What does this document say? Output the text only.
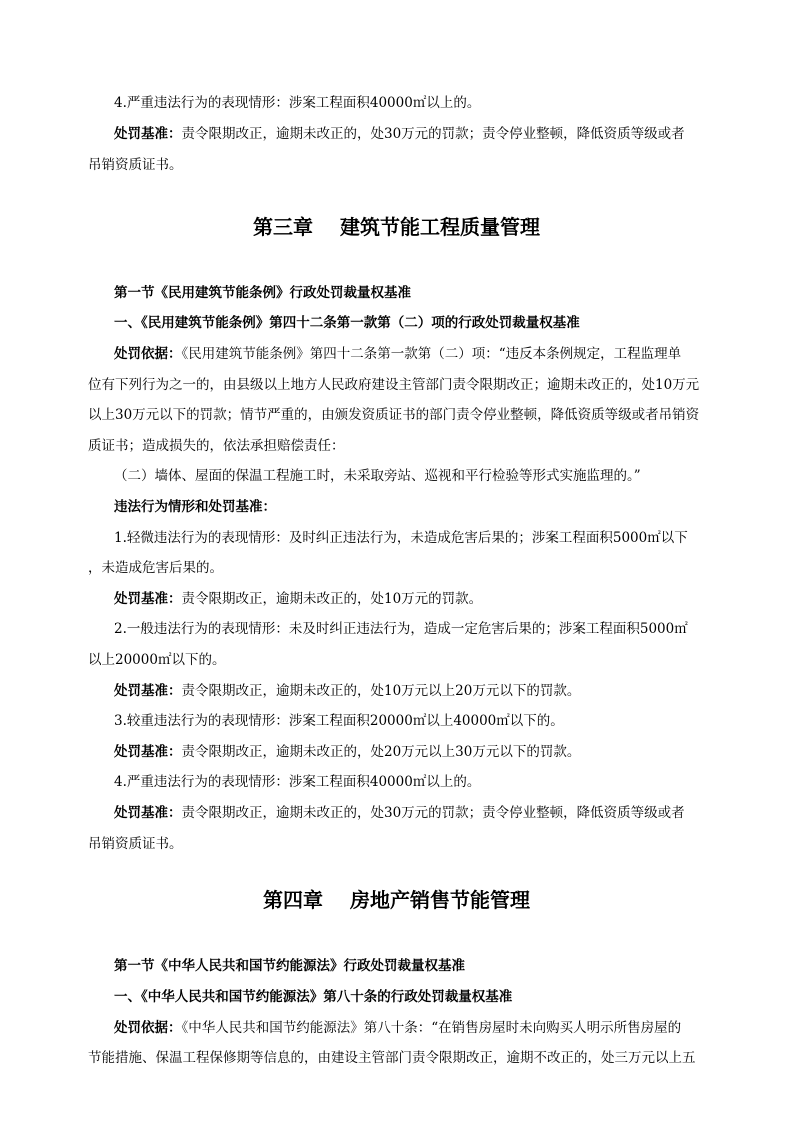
4.严重违法行为的表现情形：涉案工程面积40000㎡以上的。
处罚基准：责令限期改正，逾期未改正的，处30万元的罚款；责令停业整顿，降低资质等级或者
吊销资质证书。
第三章　 建筑节能工程质量管理
第一节《民用建筑节能条例》行政处罚裁量权基准
一、《民用建筑节能条例》第四十二条第一款第（二）项的行政处罚裁量权基准
处罚依据：《民用建筑节能条例》第四十二条第一款第（二）项：“违反本条例规定，工程监理单
位有下列行为之一的，由县级以上地方人民政府建设主管部门责令限期改正；逾期未改正的，处10万元
以上30万元以下的罚款；情节严重的，由颁发资质证书的部门责令停业整顿，降低资质等级或者吊销资
质证书；造成损失的，依法承担赔偿责任：
（二）墙体、屋面的保温工程施工时，未采取旁站、巡视和平行检验等形式实施监理的。”
违法行为情形和处罚基准：
1.轻微违法行为的表现情形：及时纠正违法行为，未造成危害后果的；涉案工程面积5000㎡以下
，未造成危害后果的。
处罚基准：责令限期改正，逾期未改正的，处10万元的罚款。
2.一般违法行为的表现情形：未及时纠正违法行为，造成一定危害后果的；涉案工程面积5000㎡
以上20000㎡以下的。
处罚基准：责令限期改正，逾期未改正的，处10万元以上20万元以下的罚款。
3.较重违法行为的表现情形：涉案工程面积20000㎡以上40000㎡以下的。
处罚基准：责令限期改正，逾期未改正的，处20万元以上30万元以下的罚款。
4.严重违法行为的表现情形：涉案工程面积40000㎡以上的。
处罚基准：责令限期改正，逾期未改正的，处30万元的罚款；责令停业整顿，降低资质等级或者
吊销资质证书。
第四章　 房地产销售节能管理
第一节《中华人民共和国节约能源法》行政处罚裁量权基准
一、《中华人民共和国节约能源法》第八十条的行政处罚裁量权基准
处罚依据：《中华人民共和国节约能源法》第八十条：“在销售房屋时未向购买人明示所售房屋的
节能措施、保温工程保修期等信息的，由建设主管部门责令限期改正，逾期不改正的，处三万元以上五
